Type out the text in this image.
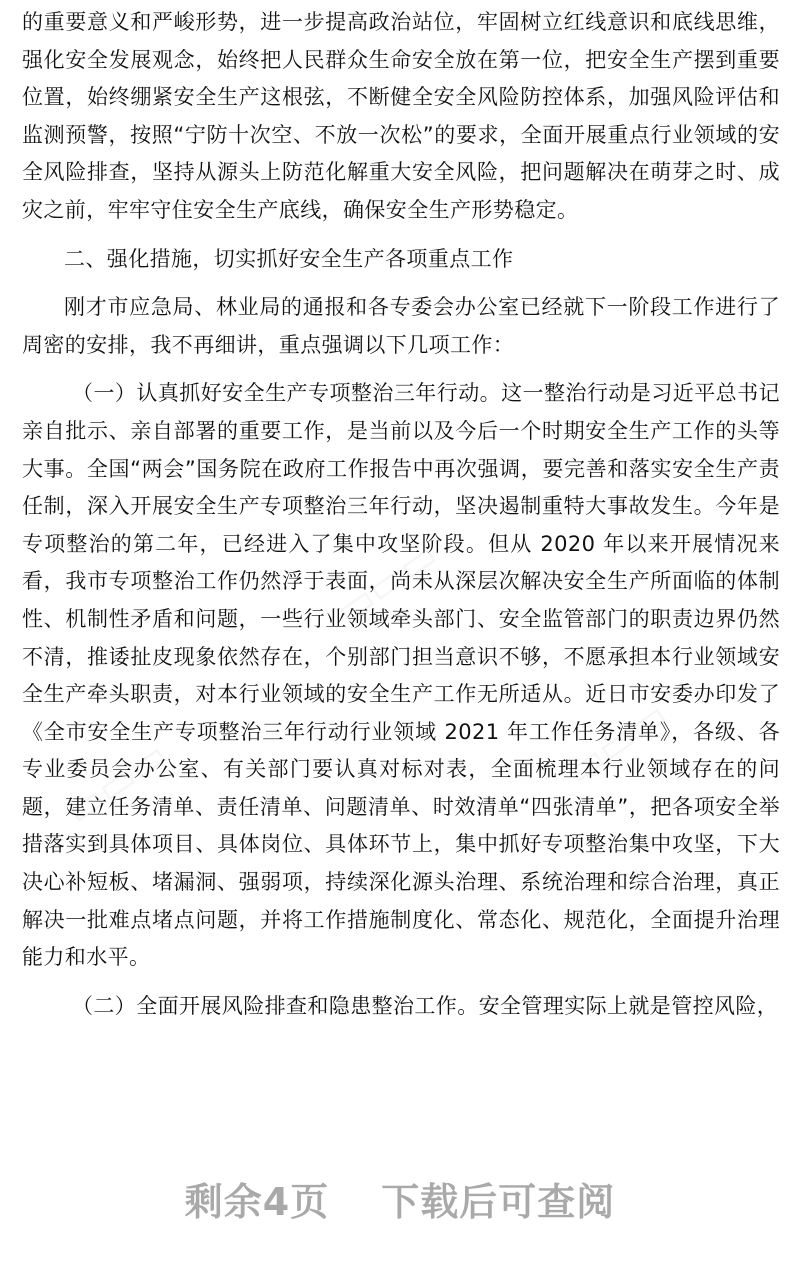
▭▭▭
▭▭▭
▭▭▭

的重要意义和严峻形势，进一步提高政治站位，牢固树立红线意识和底线思维，强化安全发展观念，始终把人民群众生命安全放在第一位，把安全生产摆到重要位置，始终绷紧安全生产这根弦，不断健全安全风险防控体系，加强风险评估和监测预警，按照“宁防十次空、不放一次松”的要求，全面开展重点行业领域的安全风险排查，坚持从源头上防范化解重大安全风险，把问题解决在萌芽之时、成灾之前，牢牢守住安全生产底线，确保安全生产形势稳定。

二、强化措施，切实抓好安全生产各项重点工作

刚才市应急局、林业局的通报和各专委会办公室已经就下一阶段工作进行了周密的安排，我不再细讲，重点强调以下几项工作：

（一）认真抓好安全生产专项整治三年行动。这一整治行动是习近平总书记亲自批示、亲自部署的重要工作，是当前以及今后一个时期安全生产工作的头等大事。全国“两会”国务院在政府工作报告中再次强调，要完善和落实安全生产责任制，深入开展安全生产专项整治三年行动，坚决遏制重特大事故发生。今年是专项整治的第二年，已经进入了集中攻坚阶段。但从 2020 年以来开展情况来看，我市专项整治工作仍然浮于表面，尚未从深层次解决安全生产所面临的体制性、机制性矛盾和问题，一些行业领域牵头部门、安全监管部门的职责边界仍然不清，推诿扯皮现象依然存在，个别部门担当意识不够，不愿承担本行业领域安全生产牵头职责，对本行业领域的安全生产工作无所适从。近日市安委办印发了《全市安全生产专项整治三年行动行业领域 2021 年工作任务清单》，各级、各专业委员会办公室、有关部门要认真对标对表，全面梳理本行业领域存在的问题，建立任务清单、责任清单、问题清单、时效清单“四张清单”，把各项安全举措落实到具体项目、具体岗位、具体环节上，集中抓好专项整治集中攻坚，下大决心补短板、堵漏洞、强弱项，持续深化源头治理、系统治理和综合治理，真正解决一批难点堵点问题，并将工作措施制度化、常态化、规范化，全面提升治理能力和水平。

（二）全面开展风险排查和隐患整治工作。安全管理实际上就是管控风险，

剩余4页 下载后可查阅
